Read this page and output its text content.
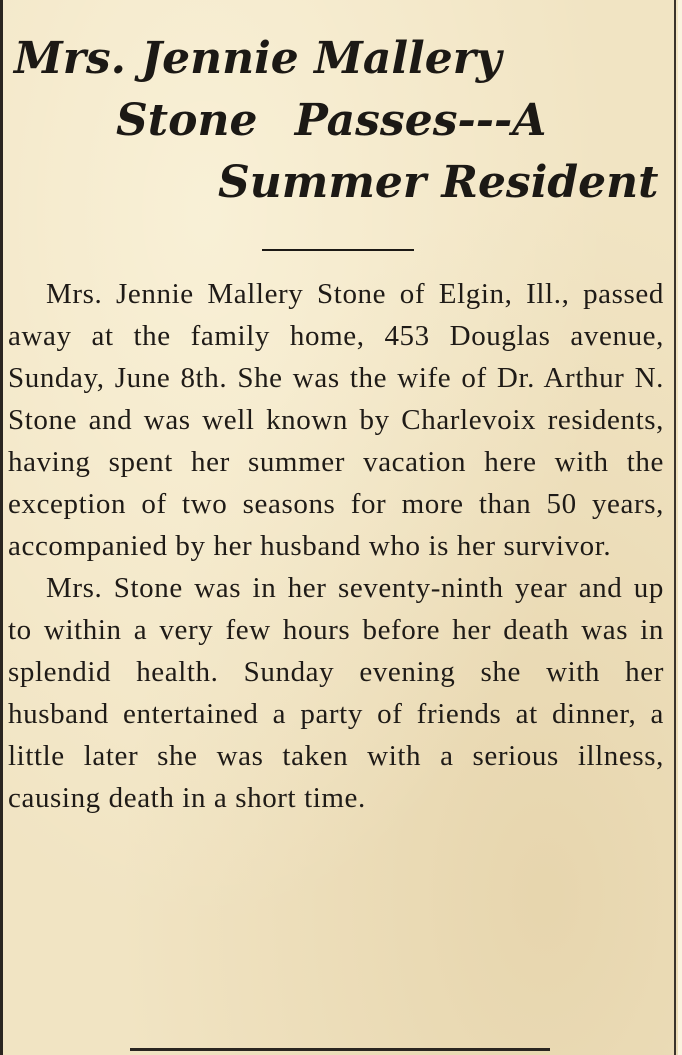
Mrs. Jennie Mallery
Stone Passes---A
Summer Resident

Mrs. Jennie Mallery Stone of Elgin, Ill., passed away at the family home, 453 Douglas avenue, Sunday, June 8th. She was the wife of Dr. Arthur N. Stone and was well known by Charlevoix residents, having spent her summer vacation here with the exception of two seasons for more than 50 years, accompanied by her husband who is her survivor.

Mrs. Stone was in her seventy-ninth year and up to within a very few hours before her death was in splendid health. Sunday evening she with her husband entertained a party of friends at dinner, a little later she was taken with a serious illness, causing death in a short time.
